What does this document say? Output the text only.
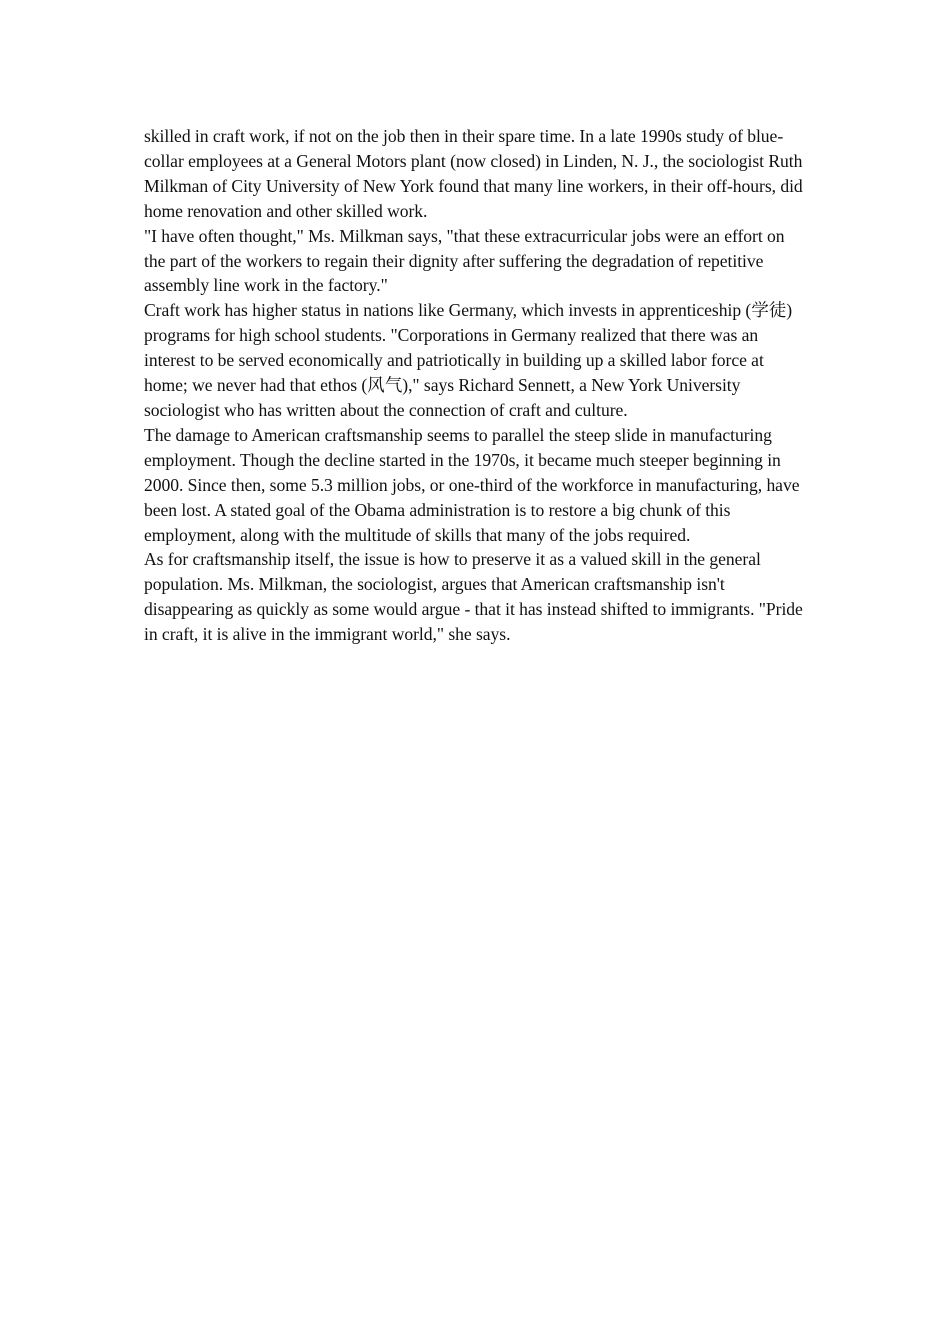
skilled in craft work, if not on the job then in their spare time. In a late 1990s study of blue-collar employees at a General Motors plant (now closed) in Linden, N. J., the sociologist Ruth Milkman of City University of New York found that many line workers, in their off-hours, did home renovation and other skilled work.

"I have often thought," Ms. Milkman says, "that these extracurricular jobs were an effort on the part of the workers to regain their dignity after suffering the degradation of repetitive assembly line work in the factory."

Craft work has higher status in nations like Germany, which invests in apprenticeship (学徒) programs for high school students. "Corporations in Germany realized that there was an interest to be served economically and patriotically in building up a skilled labor force at home; we never had that ethos (风气)," says Richard Sennett, a New York University sociologist who has written about the connection of craft and culture.

The damage to American craftsmanship seems to parallel the steep slide in manufacturing employment. Though the decline started in the 1970s, it became much steeper beginning in 2000. Since then, some 5.3 million jobs, or one-third of the workforce in manufacturing, have been lost. A stated goal of the Obama administration is to restore a big chunk of this employment, along with the multitude of skills that many of the jobs required.

As for craftsmanship itself, the issue is how to preserve it as a valued skill in the general population. Ms. Milkman, the sociologist, argues that American craftsmanship isn't disappearing as quickly as some would argue - that it has instead shifted to immigrants. "Pride in craft, it is alive in the immigrant world," she says.
